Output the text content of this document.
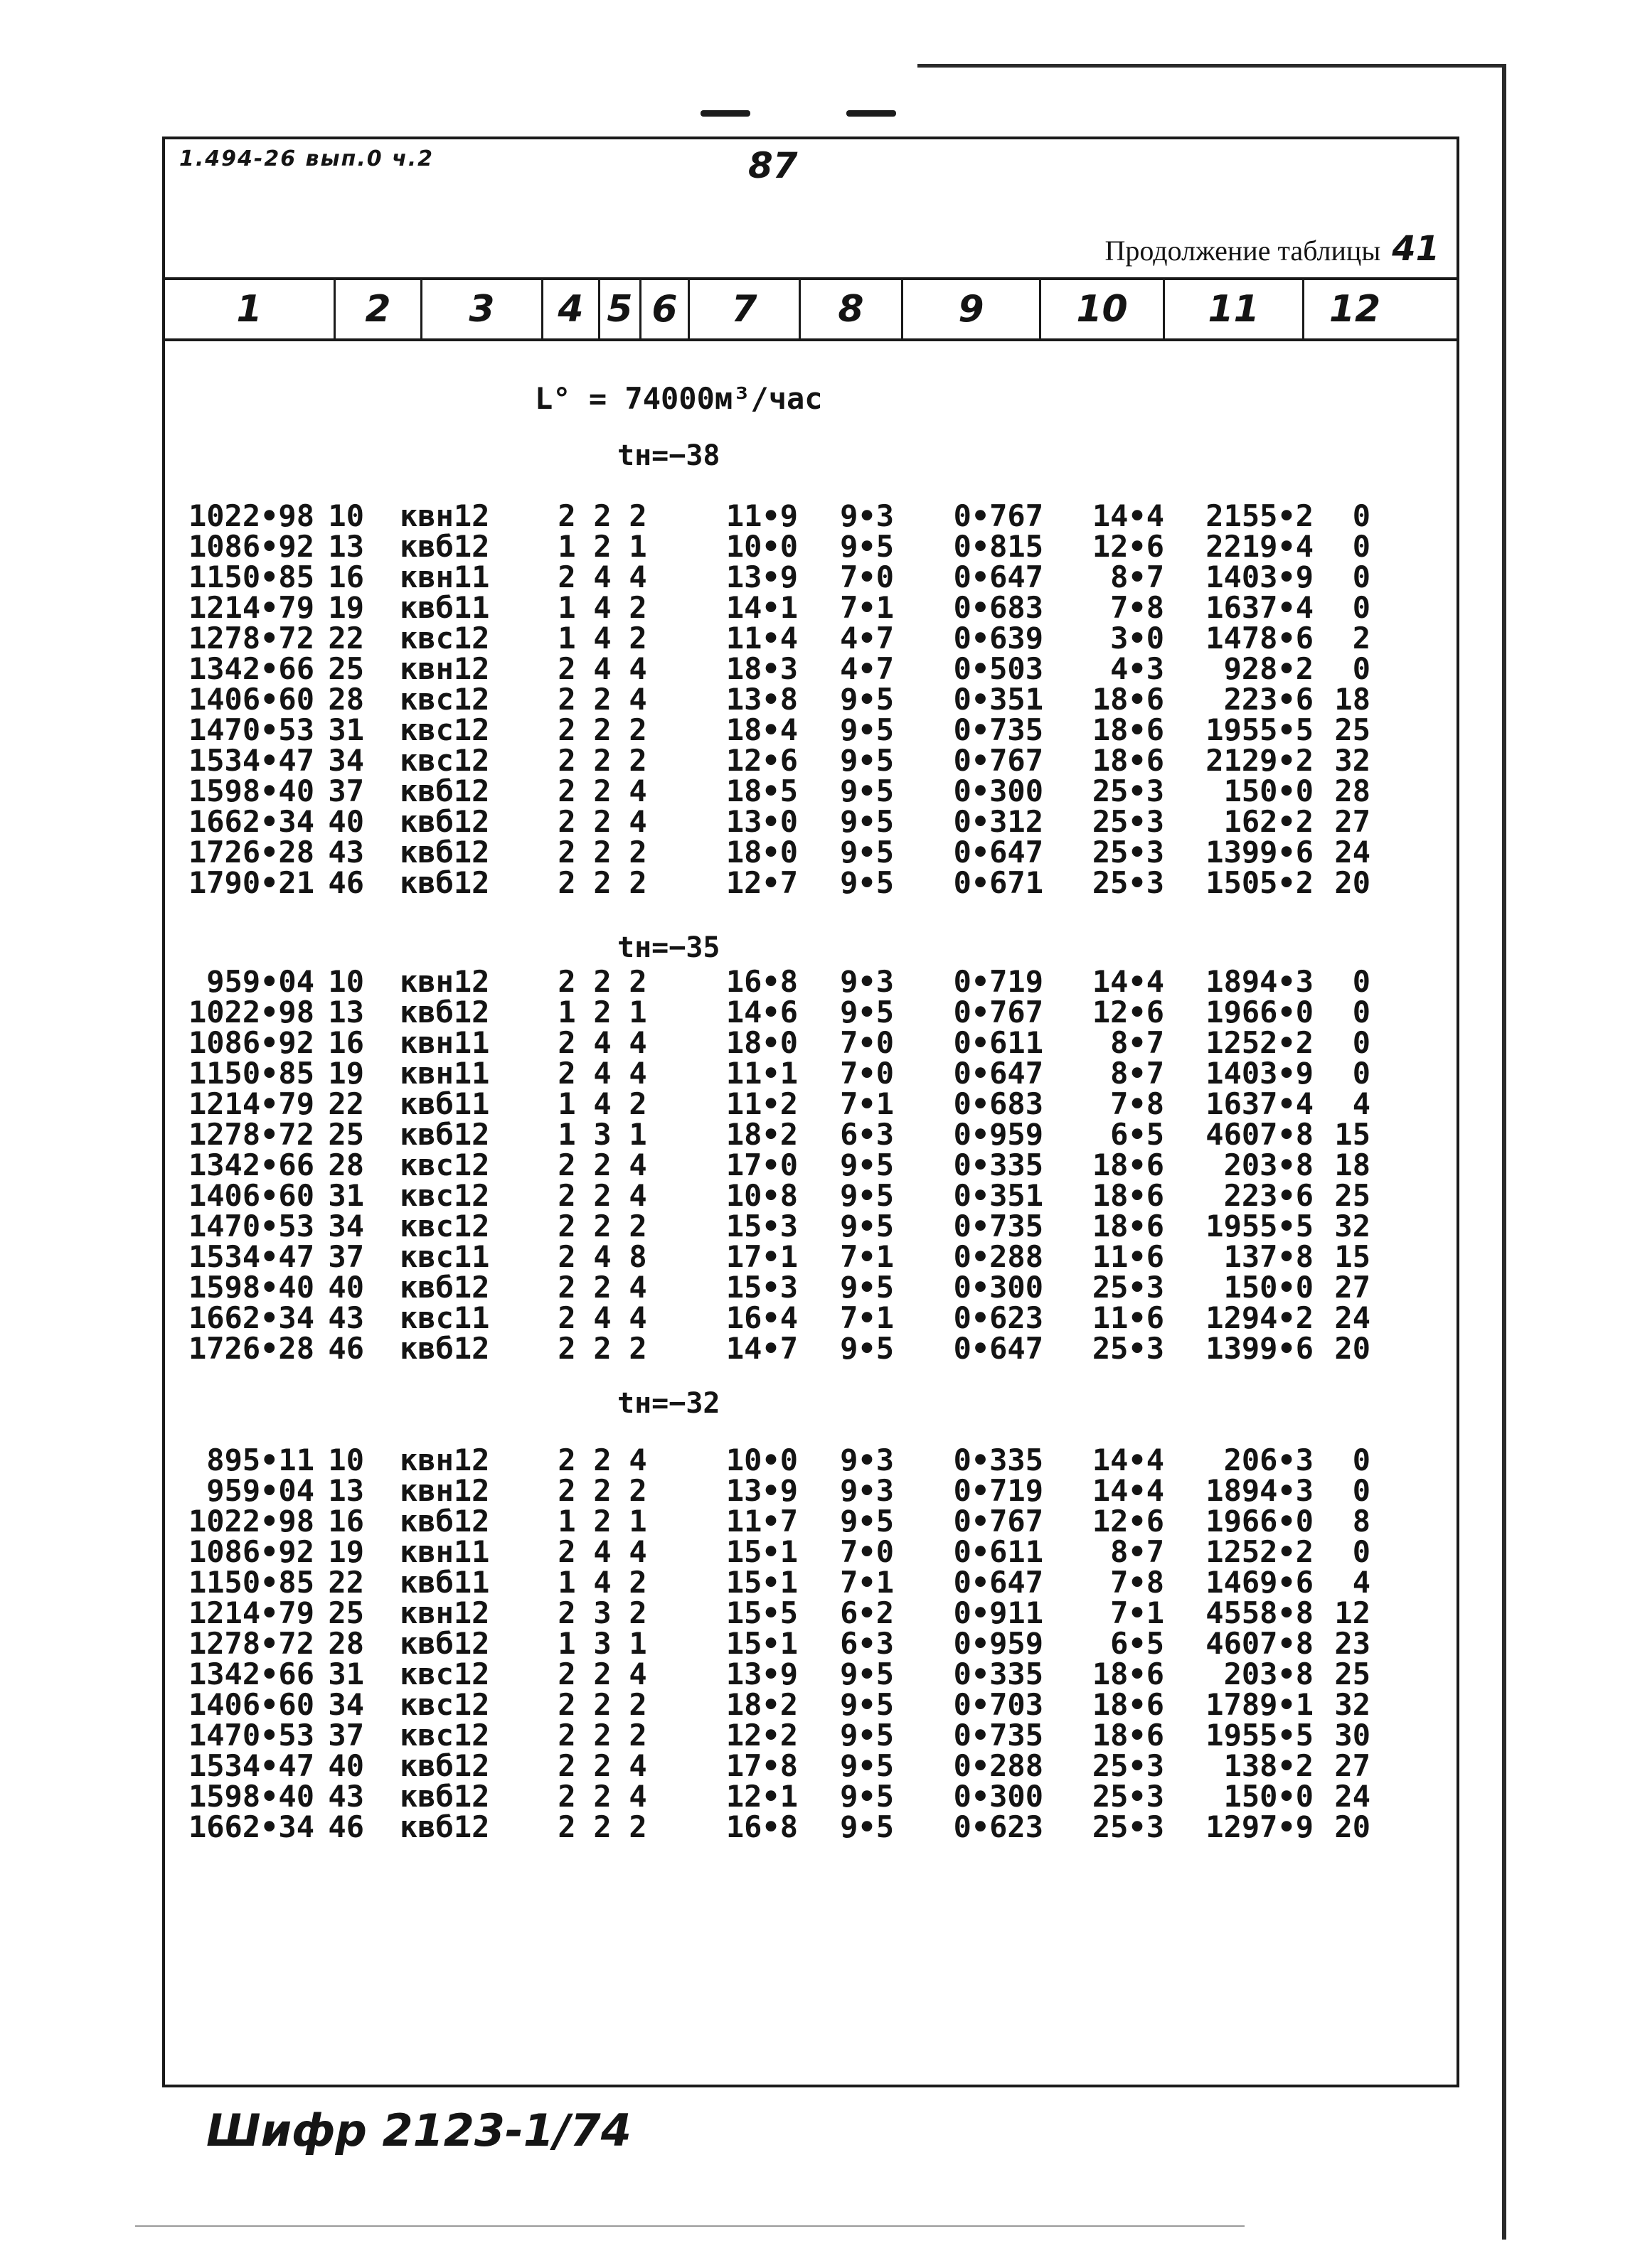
1.494-26 вып.0 ч.2	87
Продолжение таблицы 41
1	2	3	4 5 6	7	8	9	10	11	12
L° = 74000м³/час
tн=−38
1022•98	10	квн12	2	2	2	11•9	9•3	0•767	14•4	2155•2	0
1086•92	13	квб12	1	2	1	10•0	9•5	0•815	12•6	2219•4	0
1150•85	16	квн11	2	4	4	13•9	7•0	0•647	8•7	1403•9	0
1214•79	19	квб11	1	4	2	14•1	7•1	0•683	7•8	1637•4	0
1278•72	22	квс12	1	4	2	11•4	4•7	0•639	3•0	1478•6	2
1342•66	25	квн12	2	4	4	18•3	4•7	0•503	4•3	928•2	0
1406•60	28	квс12	2	2	4	13•8	9•5	0•351	18•6	223•6	18
1470•53	31	квс12	2	2	2	18•4	9•5	0•735	18•6	1955•5	25
1534•47	34	квс12	2	2	2	12•6	9•5	0•767	18•6	2129•2	32
1598•40	37	квб12	2	2	4	18•5	9•5	0•300	25•3	150•0	28
1662•34	40	квб12	2	2	4	13•0	9•5	0•312	25•3	162•2	27
1726•28	43	квб12	2	2	2	18•0	9•5	0•647	25•3	1399•6	24
1790•21	46	квб12	2	2	2	12•7	9•5	0•671	25•3	1505•2	20
tн=−35
959•04	10	квн12	2	2	2	16•8	9•3	0•719	14•4	1894•3	0
1022•98	13	квб12	1	2	1	14•6	9•5	0•767	12•6	1966•0	0
1086•92	16	квн11	2	4	4	18•0	7•0	0•611	8•7	1252•2	0
1150•85	19	квн11	2	4	4	11•1	7•0	0•647	8•7	1403•9	0
1214•79	22	квб11	1	4	2	11•2	7•1	0•683	7•8	1637•4	4
1278•72	25	квб12	1	3	1	18•2	6•3	0•959	6•5	4607•8	15
1342•66	28	квс12	2	2	4	17•0	9•5	0•335	18•6	203•8	18
1406•60	31	квс12	2	2	4	10•8	9•5	0•351	18•6	223•6	25
1470•53	34	квс12	2	2	2	15•3	9•5	0•735	18•6	1955•5	32
1534•47	37	квс11	2	4	8	17•1	7•1	0•288	11•6	137•8	15
1598•40	40	квб12	2	2	4	15•3	9•5	0•300	25•3	150•0	27
1662•34	43	квс11	2	4	4	16•4	7•1	0•623	11•6	1294•2	24
1726•28	46	квб12	2	2	2	14•7	9•5	0•647	25•3	1399•6	20
tн=−32
895•11	10	квн12	2	2	4	10•0	9•3	0•335	14•4	206•3	0
959•04	13	квн12	2	2	2	13•9	9•3	0•719	14•4	1894•3	0
1022•98	16	квб12	1	2	1	11•7	9•5	0•767	12•6	1966•0	8
1086•92	19	квн11	2	4	4	15•1	7•0	0•611	8•7	1252•2	0
1150•85	22	квб11	1	4	2	15•1	7•1	0•647	7•8	1469•6	4
1214•79	25	квн12	2	3	2	15•5	6•2	0•911	7•1	4558•8	12
1278•72	28	квб12	1	3	1	15•1	6•3	0•959	6•5	4607•8	23
1342•66	31	квс12	2	2	4	13•9	9•5	0•335	18•6	203•8	25
1406•60	34	квс12	2	2	2	18•2	9•5	0•703	18•6	1789•1	32
1470•53	37	квс12	2	2	2	12•2	9•5	0•735	18•6	1955•5	30
1534•47	40	квб12	2	2	4	17•8	9•5	0•288	25•3	138•2	27
1598•40	43	квб12	2	2	4	12•1	9•5	0•300	25•3	150•0	24
1662•34	46	квб12	2	2	2	16•8	9•5	0•623	25•3	1297•9	20
Шифр 2123-1/74
